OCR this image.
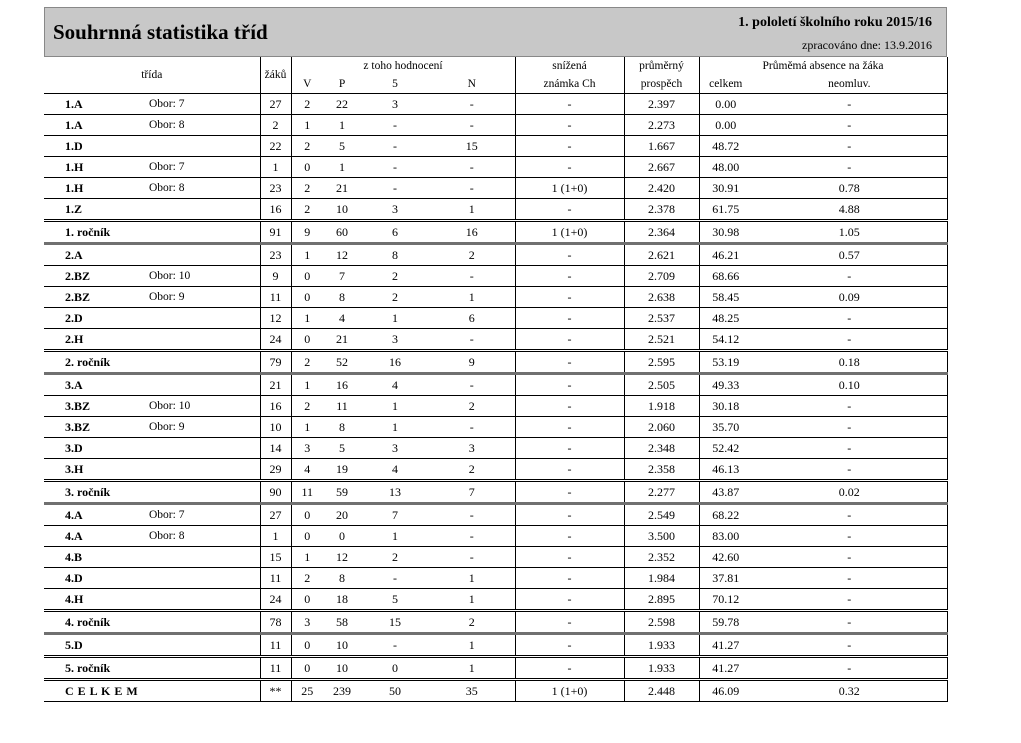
Souhrnná statistika tříd	1. pololetí školního roku 2015/16
zpracováno dne: 13.9.2016
třída	žáků	z toho hodnocení				snížená	průměrný	Průměmá absence na žáka	
		V	P	5	N	známka Ch	prospěch	celkem	neomluv.	

1.A Obor: 7	27	2	22	3	-	-	2.397	0.00	-	

1.A Obor: 8	2	1	1	-	-	-	2.273	0.00	-	

1.D	22	2	5	-	15	-	1.667	48.72	-	

1.H Obor: 7	1	0	1	-	-	-	2.667	48.00	-	

1.H Obor: 8	23	2	21	-	-	1 (1+0)	2.420	30.91	0.78	

1.Z	16	2	10	3	1	-	2.378	61.75	4.88	

1. ročník	91	9	60	6	16	1 (1+0)	2.364	30.98	1.05	

2.A	23	1	12	8	2	-	2.621	46.21	0.57	

2.BZ Obor: 10	9	0	7	2	-	-	2.709	68.66	-	

2.BZ Obor: 9	11	0	8	2	1	-	2.638	58.45	0.09	

2.D	12	1	4	1	6	-	2.537	48.25	-	

2.H	24	0	21	3	-	-	2.521	54.12	-	

2. ročník	79	2	52	16	9	-	2.595	53.19	0.18	

3.A	21	1	16	4	-	-	2.505	49.33	0.10	

3.BZ Obor: 10	16	2	11	1	2	-	1.918	30.18	-	

3.BZ Obor: 9	10	1	8	1	-	-	2.060	35.70	-	

3.D	14	3	5	3	3	-	2.348	52.42	-	

3.H	29	4	19	4	2	-	2.358	46.13	-	

3. ročník	90	11	59	13	7	-	2.277	43.87	0.02	

4.A Obor: 7	27	0	20	7	-	-	2.549	68.22	-	

4.A Obor: 8	1	0	0	1	-	-	3.500	83.00	-	

4.B	15	1	12	2	-	-	2.352	42.60	-	

4.D	11	2	8	-	1	-	1.984	37.81	-	

4.H	24	0	18	5	1	-	2.895	70.12	-	

4. ročník	78	3	58	15	2	-	2.598	59.78	-	

5.D	11	0	10	-	1	-	1.933	41.27	-	

5. ročník	11	0	10	0	1	-	1.933	41.27	-	

C E L K E M	**	25	239	50	35	1 (1+0)	2.448	46.09	0.32	
